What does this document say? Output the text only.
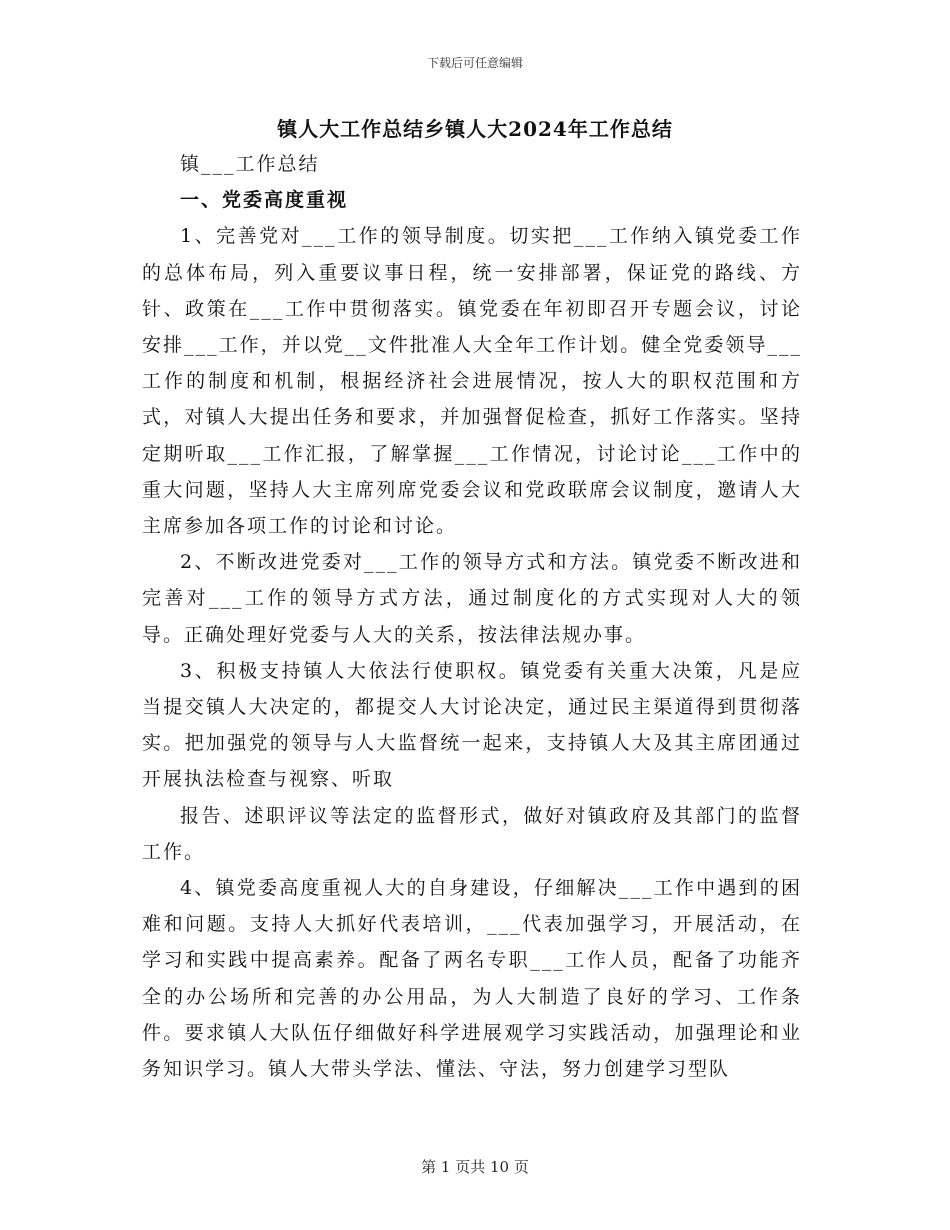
下载后可任意编辑
镇人大工作总结乡镇人大2024年工作总结

镇___工作总结

一、党委高度重视

1、完善党对___工作的领导制度。切实把___工作纳入镇党委工作的总体布局，列入重要议事日程，统一安排部署，保证党的路线、方针、政策在___工作中贯彻落实。镇党委在年初即召开专题会议，讨论安排___工作，并以党__文件批准人大全年工作计划。健全党委领导___工作的制度和机制，根据经济社会进展情况，按人大的职权范围和方式，对镇人大提出任务和要求，并加强督促检查，抓好工作落实。坚持定期听取___工作汇报，了解掌握___工作情况，讨论讨论___工作中的重大问题，坚持人大主席列席党委会议和党政联席会议制度，邀请人大主席参加各项工作的讨论和讨论。

2、不断改进党委对___工作的领导方式和方法。镇党委不断改进和完善对___工作的领导方式方法，通过制度化的方式实现对人大的领导。正确处理好党委与人大的关系，按法律法规办事。

3、积极支持镇人大依法行使职权。镇党委有关重大决策，凡是应当提交镇人大决定的，都提交人大讨论决定，通过民主渠道得到贯彻落实。把加强党的领导与人大监督统一起来，支持镇人大及其主席团通过开展执法检查与视察、听取

报告、述职评议等法定的监督形式，做好对镇政府及其部门的监督工作。

4、镇党委高度重视人大的自身建设，仔细解决___工作中遇到的困难和问题。支持人大抓好代表培训，___代表加强学习，开展活动，在学习和实践中提高素养。配备了两名专职___工作人员，配备了功能齐全的办公场所和完善的办公用品，为人大制造了良好的学习、工作条件。要求镇人大队伍仔细做好科学进展观学习实践活动，加强理论和业务知识学习。镇人大带头学法、懂法、守法，努力创建学习型队

第 1 页共 10 页
